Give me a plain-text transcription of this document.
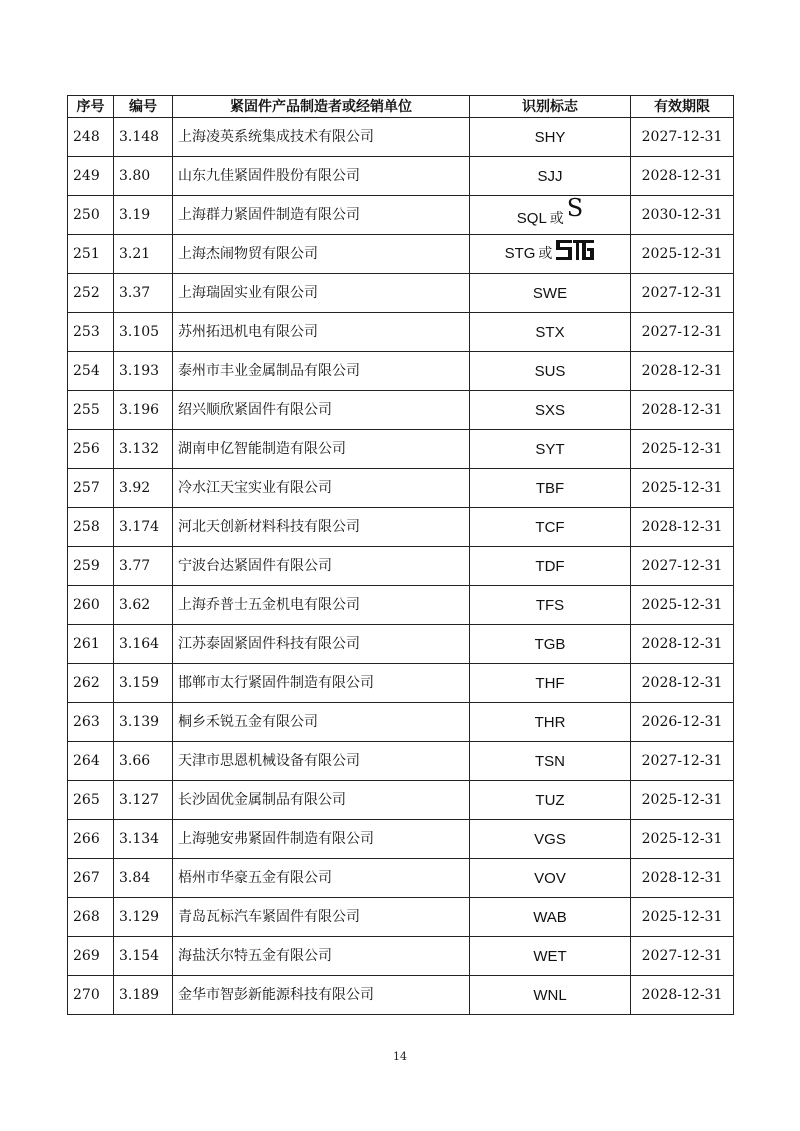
序号	编号	紧固件产品制造者或经销单位	识别标志	有效期限
248	3.148	上海凌英系统集成技术有限公司	SHY	2027-12-31
249	3.80	山东九佳紧固件股份有限公司	SJJ	2028-12-31
250	3.19	上海群力紧固件制造有限公司	SQL 或 S	2030-12-31
251	3.21	上海杰闹物贸有限公司	STG 或	2025-12-31
252	3.37	上海瑞固实业有限公司	SWE	2027-12-31
253	3.105	苏州拓迅机电有限公司	STX	2027-12-31
254	3.193	泰州市丰业金属制品有限公司	SUS	2028-12-31
255	3.196	绍兴顺欣紧固件有限公司	SXS	2028-12-31
256	3.132	湖南申亿智能制造有限公司	SYT	2025-12-31
257	3.92	冷水江天宝实业有限公司	TBF	2025-12-31
258	3.174	河北天创新材料科技有限公司	TCF	2028-12-31
259	3.77	宁波台达紧固件有限公司	TDF	2027-12-31
260	3.62	上海乔普士五金机电有限公司	TFS	2025-12-31
261	3.164	江苏泰固紧固件科技有限公司	TGB	2028-12-31
262	3.159	邯郸市太行紧固件制造有限公司	THF	2028-12-31
263	3.139	桐乡禾锐五金有限公司	THR	2026-12-31
264	3.66	天津市思恩机械设备有限公司	TSN	2027-12-31
265	3.127	长沙固优金属制品有限公司	TUZ	2025-12-31
266	3.134	上海驰安弗紧固件制造有限公司	VGS	2025-12-31
267	3.84	梧州市华豪五金有限公司	VOV	2028-12-31
268	3.129	青岛瓦标汽车紧固件有限公司	WAB	2025-12-31
269	3.154	海盐沃尔特五金有限公司	WET	2027-12-31
270	3.189	金华市智彭新能源科技有限公司	WNL	2028-12-31
14
